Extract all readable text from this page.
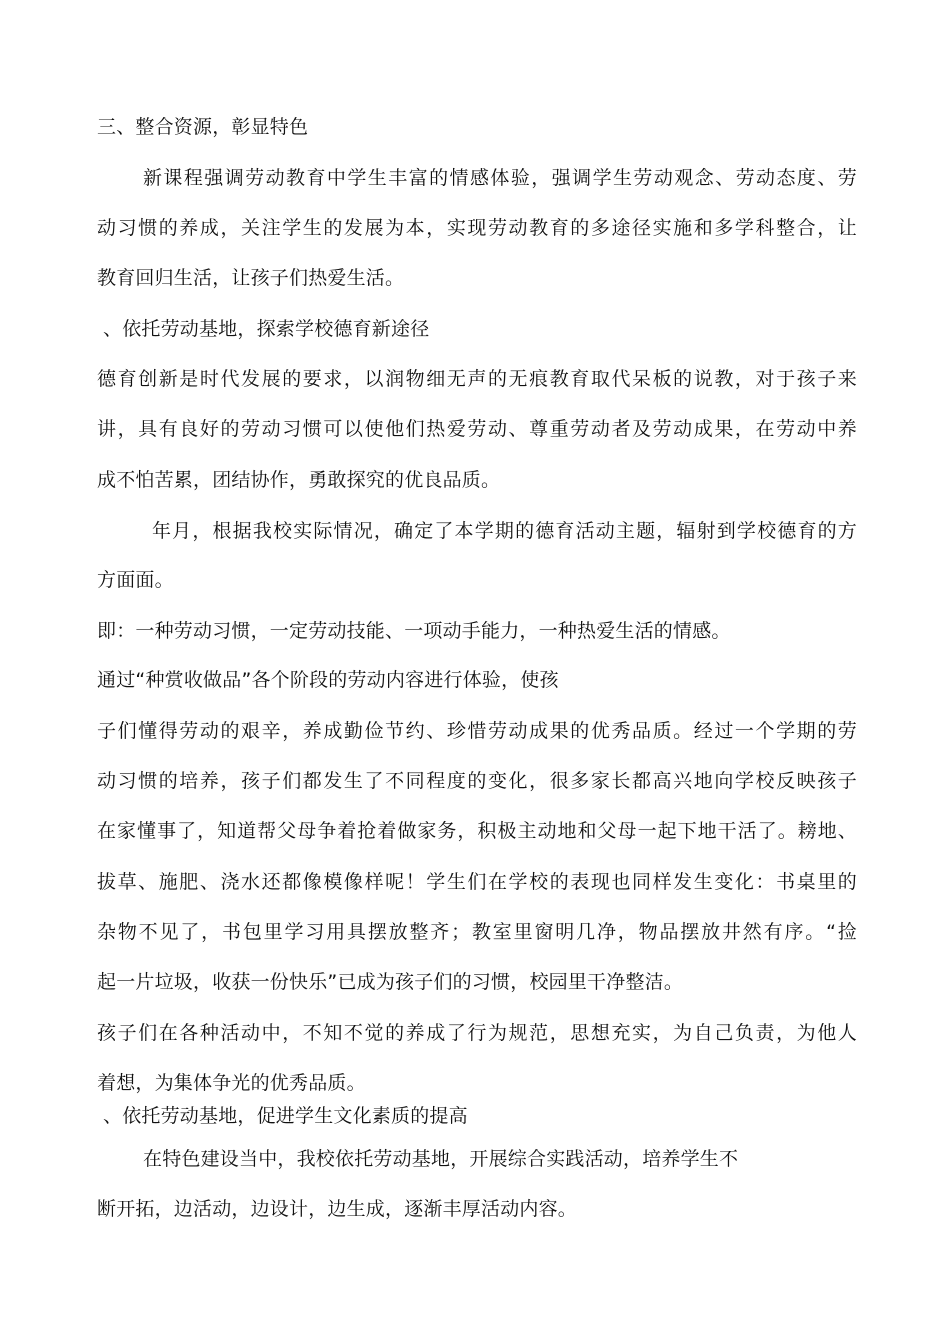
三、整合资源，彰显特色

新课程强调劳动教育中学生丰富的情感体验，强调学生劳动观念、劳动态度、劳

动习惯的养成，关注学生的发展为本，实现劳动教育的多途径实施和多学科整合，让

教育回归生活，让孩子们热爱生活。

、依托劳动基地，探索学校德育新途径

德育创新是时代发展的要求，以润物细无声的无痕教育取代呆板的说教，对于孩子来

讲，具有良好的劳动习惯可以使他们热爱劳动、尊重劳动者及劳动成果，在劳动中养

成不怕苦累，团结协作，勇敢探究的优良品质。

年月，根据我校实际情况，确定了本学期的德育活动主题，辐射到学校德育的方

方面面。

即：一种劳动习惯，一定劳动技能、一项动手能力，一种热爱生活的情感。

通过“种赏收做品”各个阶段的劳动内容进行体验，使孩

子们懂得劳动的艰辛，养成勤俭节约、珍惜劳动成果的优秀品质。经过一个学期的劳

动习惯的培养，孩子们都发生了不同程度的变化，很多家长都高兴地向学校反映孩子

在家懂事了，知道帮父母争着抢着做家务，积极主动地和父母一起下地干活了。耪地、

拔草、施肥、浇水还都像模像样呢！学生们在学校的表现也同样发生变化：书桌里的

杂物不见了，书包里学习用具摆放整齐；教室里窗明几净，物品摆放井然有序。“捡

起一片垃圾，收获一份快乐”已成为孩子们的习惯，校园里干净整洁。

孩子们在各种活动中，不知不觉的养成了行为规范，思想充实，为自己负责，为他人

着想，为集体争光的优秀品质。

、依托劳动基地，促进学生文化素质的提高

在特色建设当中，我校依托劳动基地，开展综合实践活动，培养学生不

断开拓，边活动，边设计，边生成，逐渐丰厚活动内容。
